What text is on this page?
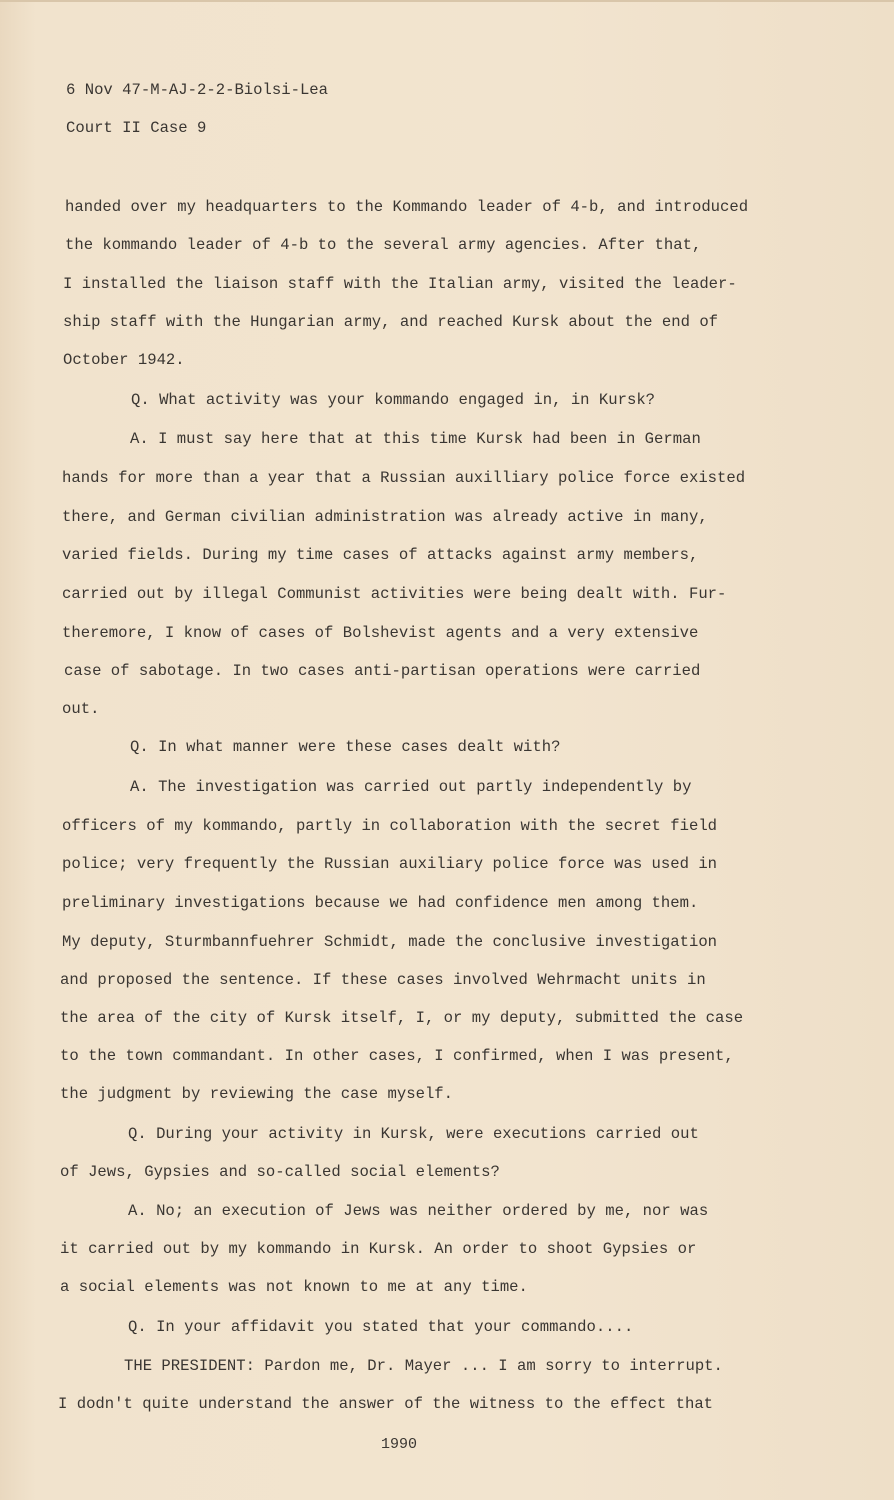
6 Nov 47-M-AJ-2-2-Biolsi-Lea
Court II Case 9
handed over my headquarters to the Kommando leader of 4-b, and introduced
the kommando leader of 4-b to the several army agencies. After that,
I installed the liaison staff with the Italian army, visited the leader-
ship staff with the Hungarian army, and reached Kursk about the end of
October 1942.
Q. What activity was your kommando engaged in, in Kursk?
A. I must say here that at this time Kursk had been in German
hands for more than a year that a Russian auxilliary police force existed
there, and German civilian administration was already active in many,
varied fields. During my time cases of attacks against army members,
carried out by illegal Communist activities were being dealt with. Fur-
theremore, I know of cases of Bolshevist agents and a very extensive
case of sabotage. In two cases anti-partisan operations were carried
out.
Q. In what manner were these cases dealt with?
A. The investigation was carried out partly independently by
officers of my kommando, partly in collaboration with the secret field
police; very frequently the Russian auxiliary police force was used in
preliminary investigations because we had confidence men among them.
My deputy, Sturmbannfuehrer Schmidt, made the conclusive investigation
and proposed the sentence. If these cases involved Wehrmacht units in
the area of the city of Kursk itself, I, or my deputy, submitted the case
to the town commandant. In other cases, I confirmed, when I was present,
the judgment by reviewing the case myself.
Q. During your activity in Kursk, were executions carried out
of Jews, Gypsies and so-called social elements?
A. No; an execution of Jews was neither ordered by me, nor was
it carried out by my kommando in Kursk. An order to shoot Gypsies or
a social elements was not known to me at any time.
Q. In your affidavit you stated that your commando....
THE PRESIDENT: Pardon me, Dr. Mayer ... I am sorry to interrupt.
I dodn't quite understand the answer of the witness to the effect that
1990
